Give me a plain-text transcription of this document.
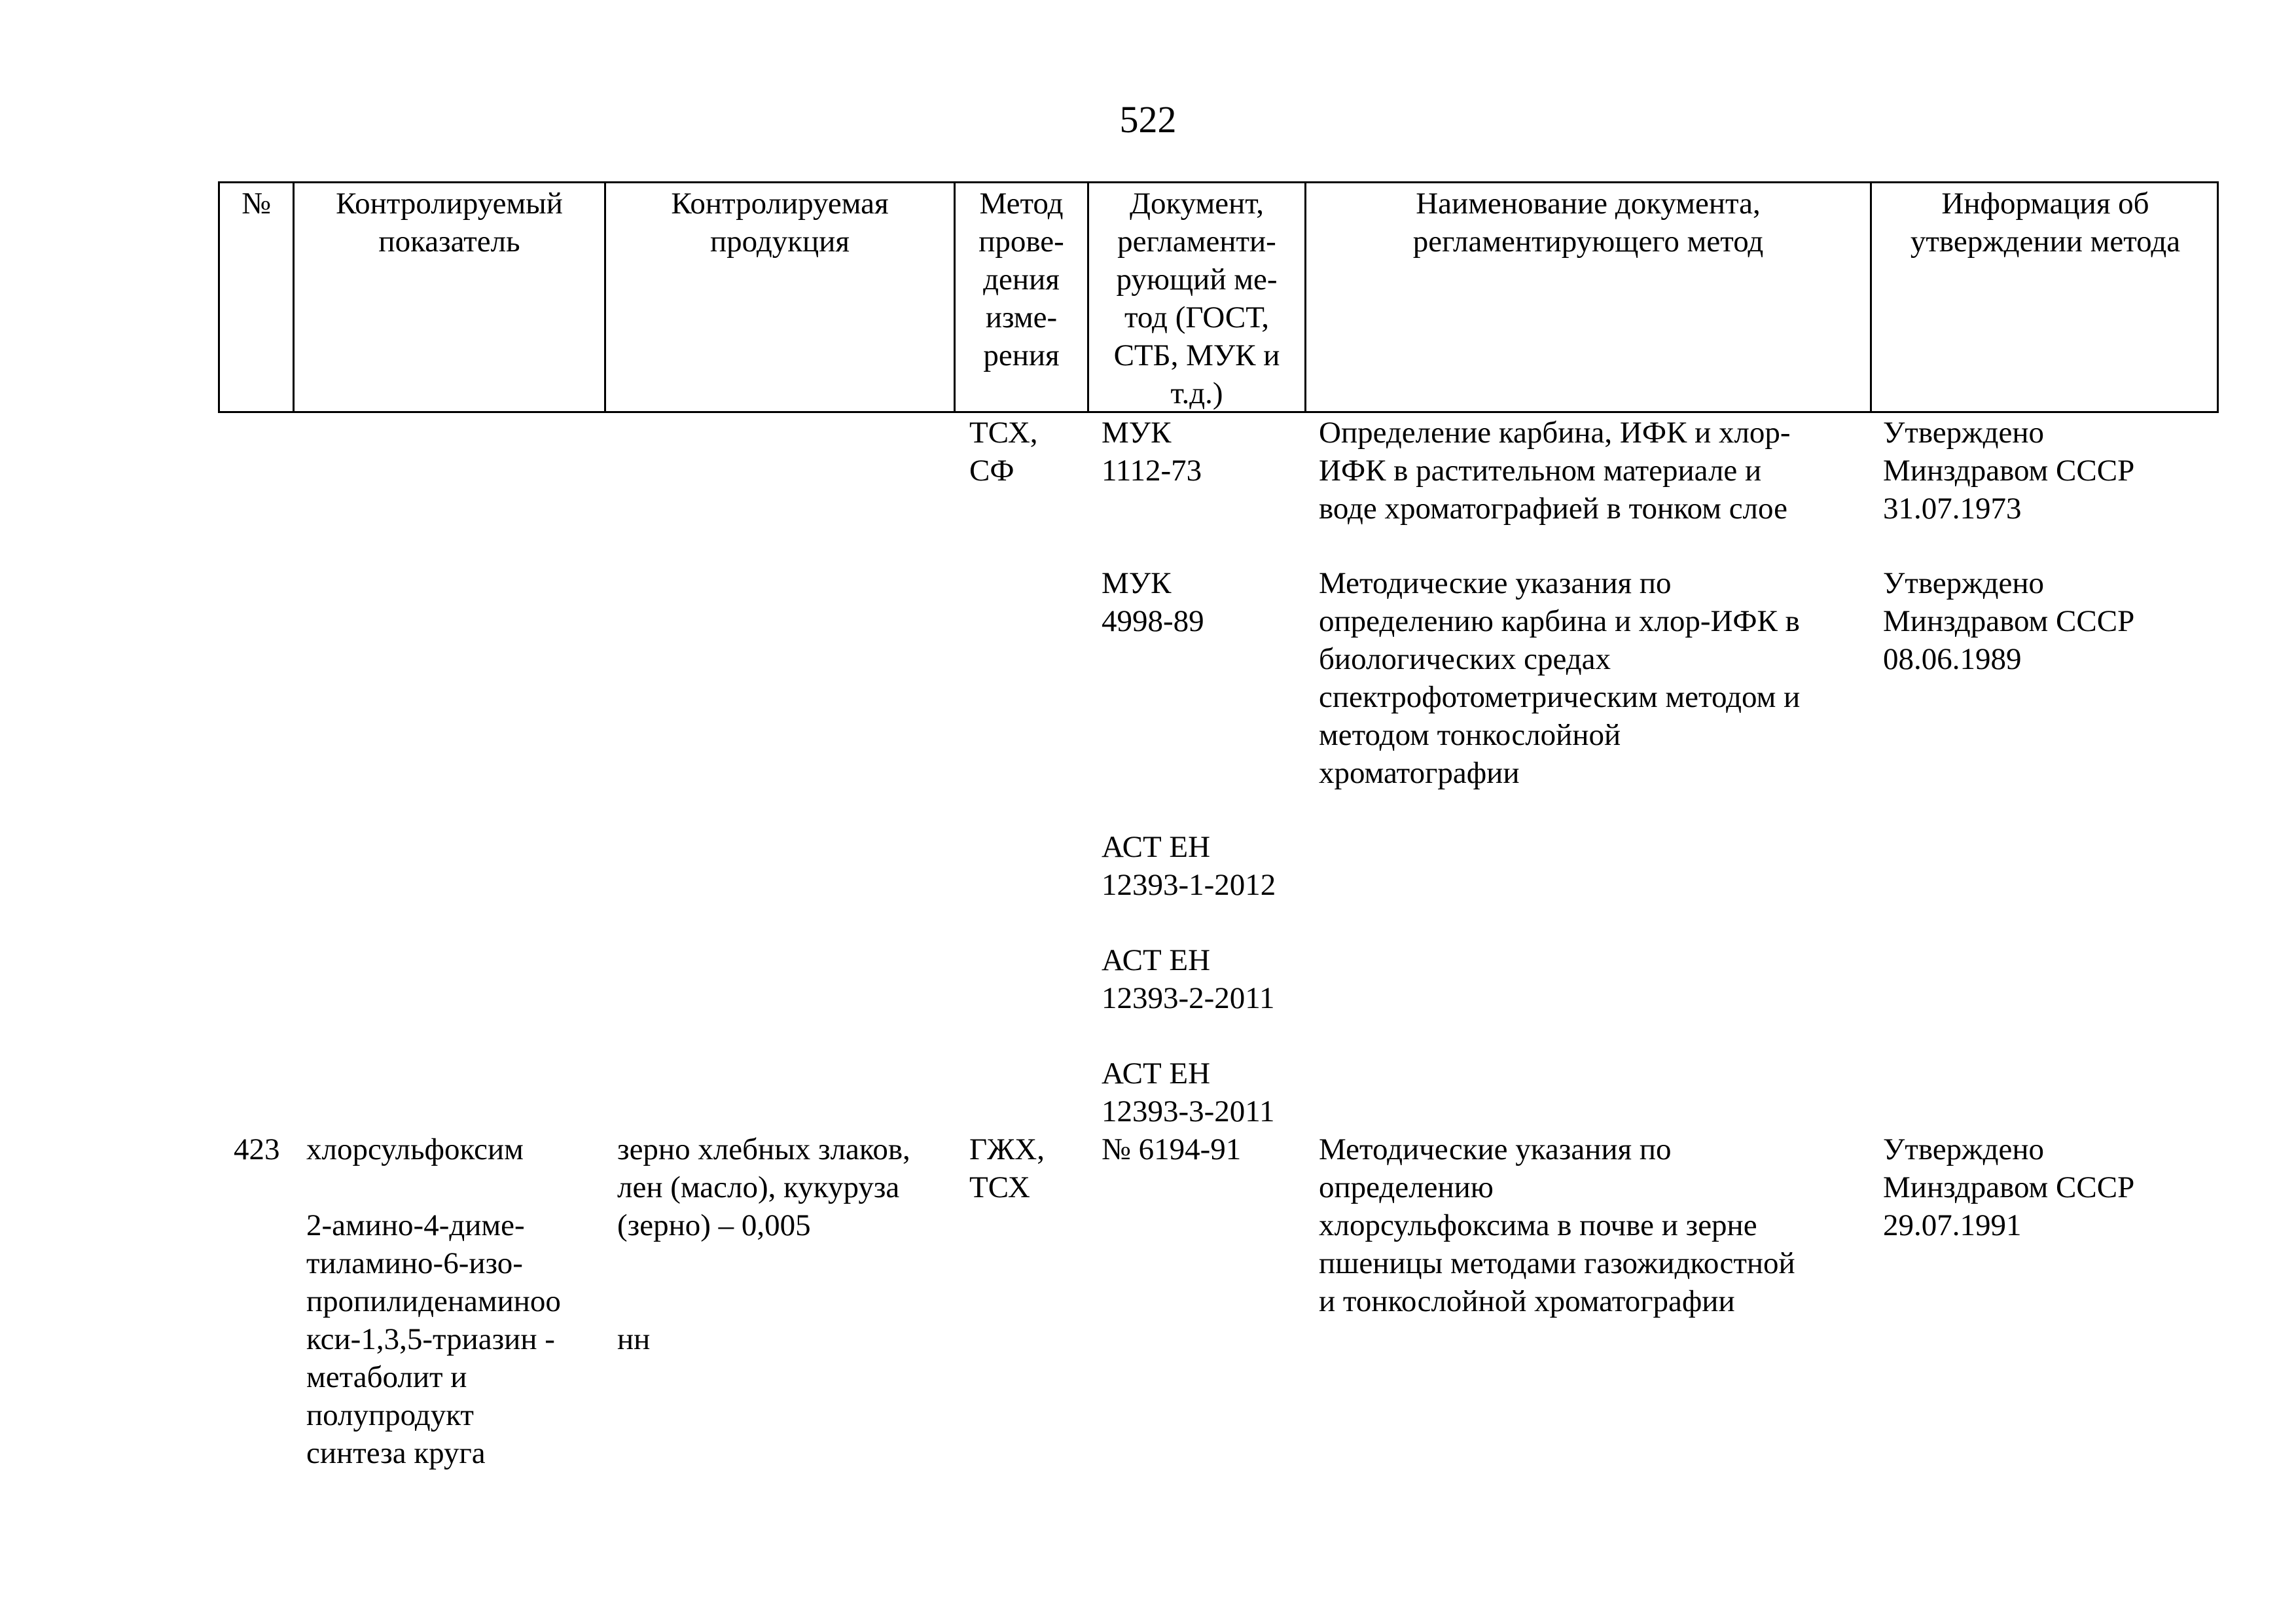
522
№	Контролируемый
показатель
Контролируемая
продукция
Метод
прове-
дения
изме-
рения
Документ,
регламенти-
рующий ме-
тод (ГОСТ,
СТБ, МУК и
т.д.)
Наименование документа,
регламентирующего метод
Информация об
утверждении метода
ТСХ,
СФ
МУК
1112-73
Определение карбина, ИФК и хлор-
ИФК в растительном материале и
воде хроматографией в тонком слое
Утверждено
Минздравом СССР
31.07.1973
МУК
4998-89
Методические указания по
определению карбина и хлор-ИФК в
биологических средах
спектрофотометрическим методом и
методом тонкослойной
хроматографии
Утверждено
Минздравом СССР
08.06.1989
АСТ ЕН
12393-1-2012
АСТ ЕН
12393-2-2011
АСТ ЕН
12393-3-2011
423 хлорсульфоксим

2-амино-4-диме-
тиламино-6-изо-
пропилиденаминоо
кси-1,3,5-триазин -
метаболит и
полупродукт
синтеза круга
зерно хлебных злаков,
лен (масло), кукуруза
(зерно) – 0,005

нн
ГЖХ,
ТСХ
№ 6194-91	Методические указания по
определению
хлорсульфоксима в почве и зерне
пшеницы методами газожидкостной
и тонкослойной хроматографии
Утверждено
Минздравом СССР
29.07.1991
